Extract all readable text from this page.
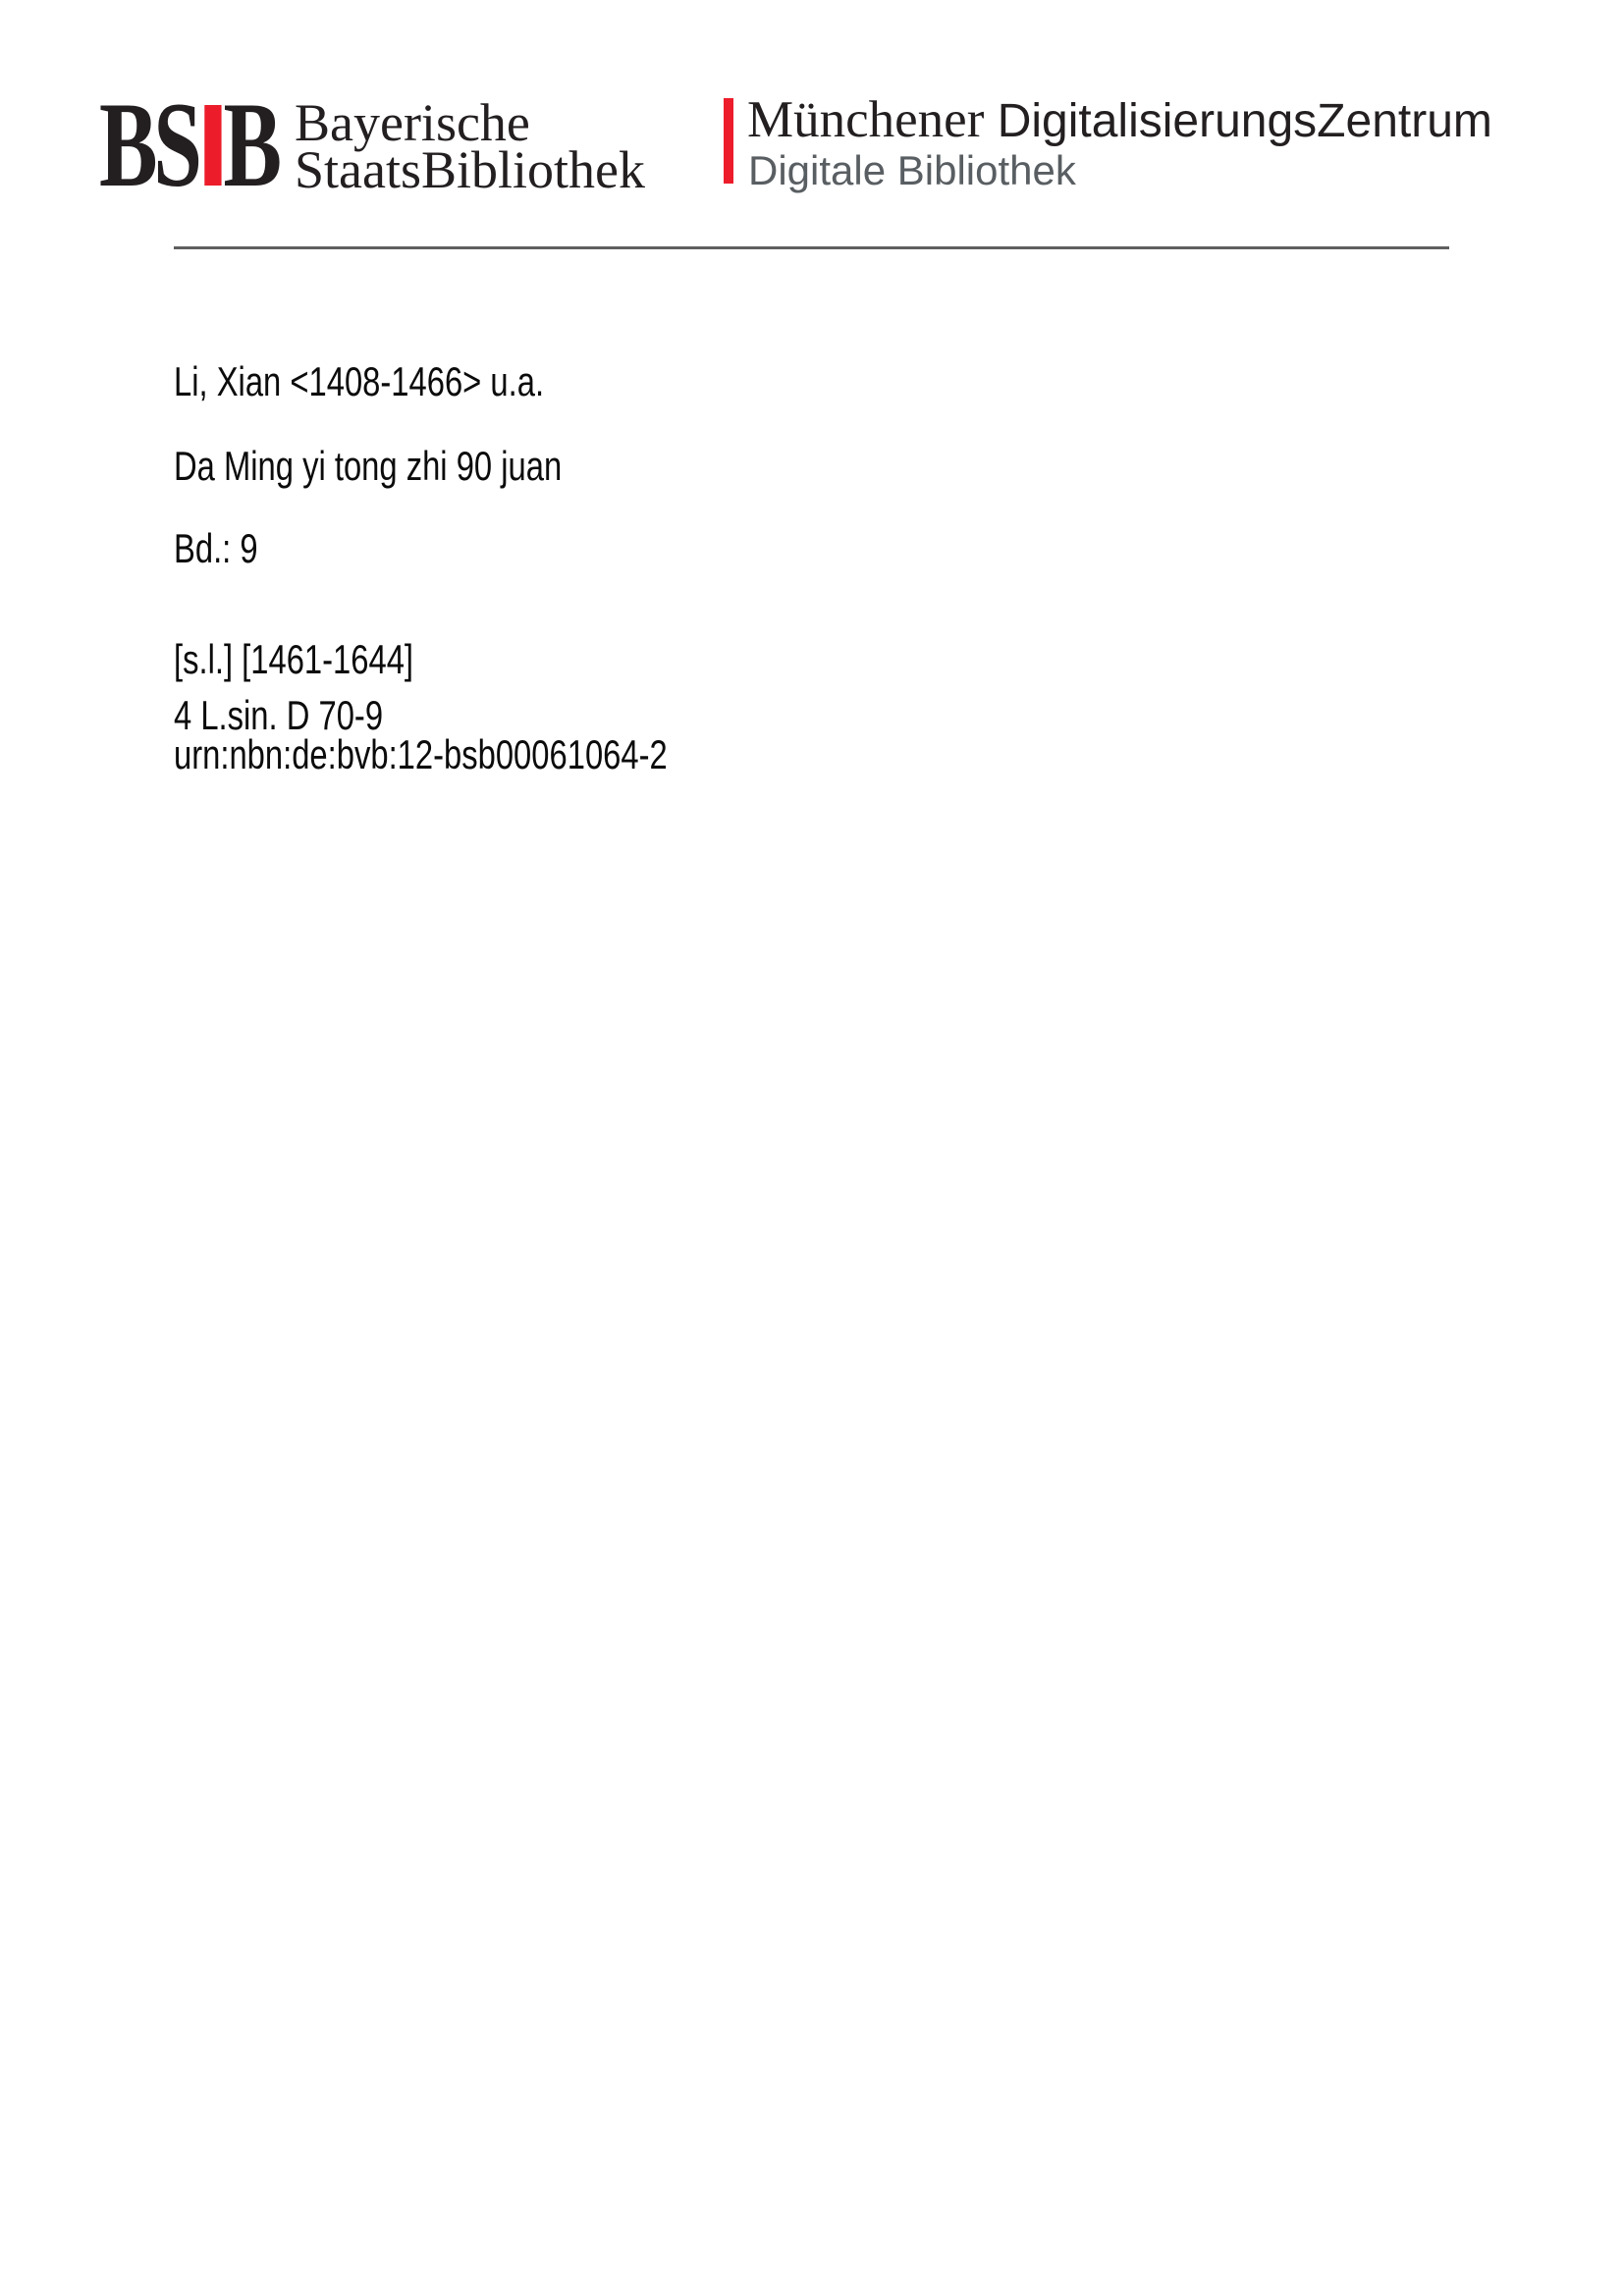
BS B Bayerische
StaatsBibliothek
Münchener DigitalisierungsZentrum
Digitale Bibliothek
Li, Xian <1408-1466> u.a.
Da Ming yi tong zhi 90 juan
Bd.: 9
[s.l.] [1461-1644]
4 L.sin. D 70-9
urn:nbn:de:bvb:12-bsb00061064-2
